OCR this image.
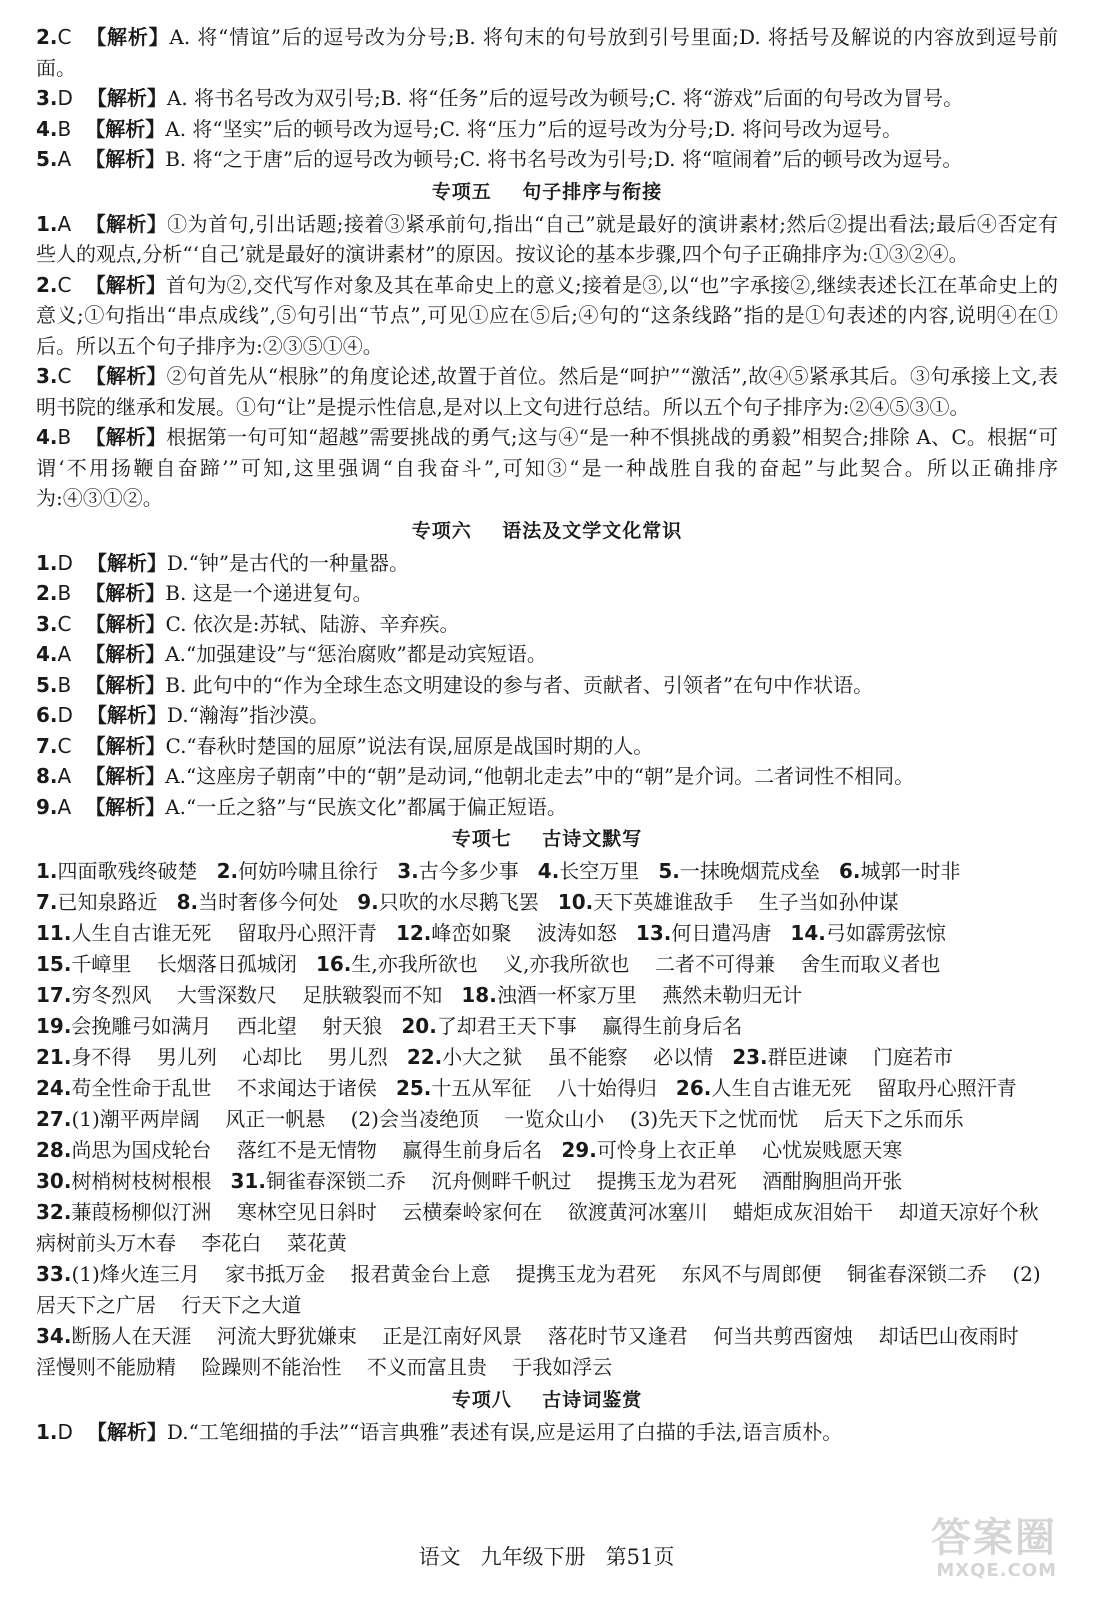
2.C 【解析】A. 将“情谊”后的逗号改为分号;B. 将句末的句号放到引号里面;D. 将括号及解说的内容放到逗号前面。

3.D 【解析】A. 将书名号改为双引号;B. 将“任务”后的逗号改为顿号;C. 将“游戏”后面的句号改为冒号。

4.B 【解析】A. 将“坚实”后的顿号改为逗号;C. 将“压力”后的逗号改为分号;D. 将问号改为逗号。

5.A 【解析】B. 将“之于唐”后的逗号改为顿号;C. 将书名号改为引号;D. 将“喧闹着”后的顿号改为逗号。

专项五    句子排序与衔接

1.A 【解析】①为首句,引出话题;接着③紧承前句,指出“自己”就是最好的演讲素材;然后②提出看法;最后④否定有些人的观点,分析“‘自己’就是最好的演讲素材”的原因。按议论的基本步骤,四个句子正确排序为:①③②④。

2.C 【解析】首句为②,交代写作对象及其在革命史上的意义;接着是③,以“也”字承接②,继续表述长江在革命史上的意义;①句指出“串点成线”,⑤句引出“节点”,可见①应在⑤后;④句的“这条线路”指的是①句表述的内容,说明④在①后。所以五个句子排序为:②③⑤①④。

3.C 【解析】②句首先从“根脉”的角度论述,故置于首位。然后是“呵护”“激活”,故④⑤紧承其后。③句承接上文,表明书院的继承和发展。①句“让”是提示性信息,是对以上文句进行总结。所以五个句子排序为:②④⑤③①。

4.B 【解析】根据第一句可知“超越”需要挑战的勇气;这与④“是一种不惧挑战的勇毅”相契合;排除 A、C。根据“可谓‘不用扬鞭自奋蹄’”可知,这里强调“自我奋斗”,可知③“是一种战胜自我的奋起”与此契合。所以正确排序为:④③①②。

专项六    语法及文学文化常识

1.D 【解析】D.“钟”是古代的一种量器。

2.B 【解析】B. 这是一个递进复句。

3.C 【解析】C. 依次是:苏轼、陆游、辛弃疾。

4.A 【解析】A.“加强建设”与“惩治腐败”都是动宾短语。

5.B 【解析】B. 此句中的“作为全球生态文明建设的参与者、贡献者、引领者”在句中作状语。

6.D 【解析】D.“瀚海”指沙漠。

7.C 【解析】C.“春秋时楚国的屈原”说法有误,屈原是战国时期的人。

8.A 【解析】A.“这座房子朝南”中的“朝”是动词,“他朝北走去”中的“朝”是介词。二者词性不相同。

9.A 【解析】A.“一丘之貉”与“民族文化”都属于偏正短语。

专项七    古诗文默写

1.四面歌残终破楚   2.何妨吟啸且徐行   3.古今多少事   4.长空万里   5.一抹晚烟荒戍垒   6.城郭一时非

7.已知泉路近   8.当时奢侈今何处   9.只吹的水尽鹅飞罢   10.天下英雄谁敌手    生子当如孙仲谋

11.人生自古谁无死    留取丹心照汗青   12.峰峦如聚    波涛如怒   13.何日遣冯唐   14.弓如霹雳弦惊

15.千嶂里    长烟落日孤城闭   16.生,亦我所欲也    义,亦我所欲也    二者不可得兼    舍生而取义者也

17.穷冬烈风    大雪深数尺    足肤皲裂而不知   18.浊酒一杯家万里    燕然未勒归无计

19.会挽雕弓如满月    西北望    射天狼   20.了却君王天下事    赢得生前身后名

21.身不得    男儿列    心却比    男儿烈   22.小大之狱    虽不能察    必以情   23.群臣进谏    门庭若市

24.苟全性命于乱世    不求闻达于诸侯   25.十五从军征    八十始得归   26.人生自古谁无死    留取丹心照汗青

27.(1)潮平两岸阔    风正一帆悬    (2)会当凌绝顶    一览众山小    (3)先天下之忧而忧    后天下之乐而乐

28.尚思为国戍轮台    落红不是无情物    赢得生前身后名   29.可怜身上衣正单    心忧炭贱愿天寒

30.树梢树枝树根根   31.铜雀春深锁二乔    沉舟侧畔千帆过    提携玉龙为君死    酒酣胸胆尚开张

32.蒹葭杨柳似汀洲    寒林空见日斜时    云横秦岭家何在    欲渡黄河冰塞川    蜡炬成灰泪始干    却道天凉好个秋    病树前头万木春    李花白    菜花黄

33.(1)烽火连三月    家书抵万金    报君黄金台上意    提携玉龙为君死    东风不与周郎便    铜雀春深锁二乔    (2)居天下之广居    行天下之大道

34.断肠人在天涯    河流大野犹嫌束    正是江南好风景    落花时节又逢君    何当共剪西窗烛    却话巴山夜雨时    淫慢则不能励精    险躁则不能治性    不义而富且贵    于我如浮云

专项八    古诗词鉴赏

1.D 【解析】D.“工笔细描的手法”“语言典雅”表述有误,应是运用了白描的手法,语言质朴。

语文   九年级下册   第51页	答案圈
MXQE.COM
